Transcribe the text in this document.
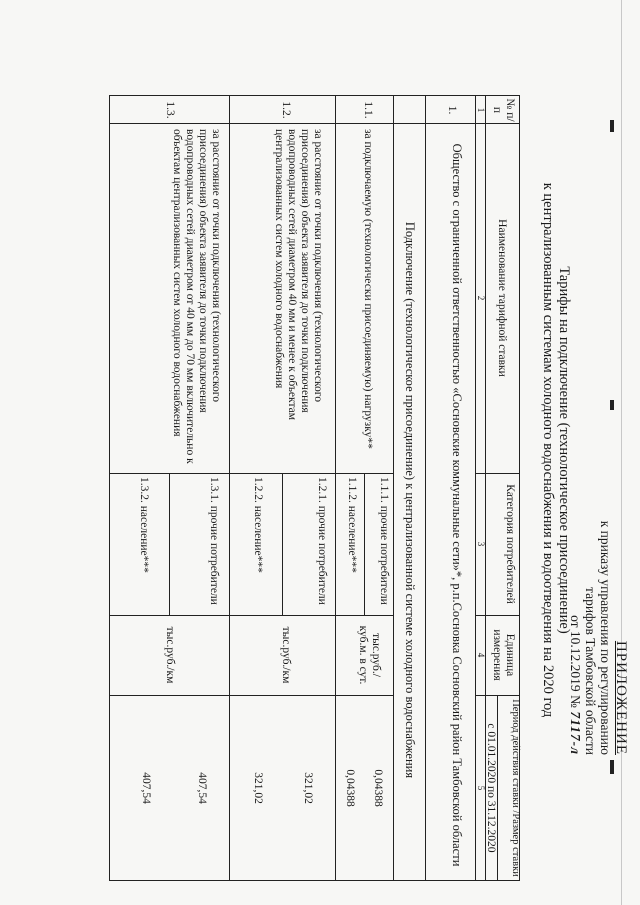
ПРИЛОЖЕНИЕ
к приказу управления по регулированию
тарифов Тамбовской области
от 10.12.2019 № 7117-л
Тарифы на подключение (технологическое присоединение)
к централизованным системам холодного водоснабжения и водоотведения на 2020 год
№ п/п
Наименование тарифной ставки
Категория потребителей
Единица измерения
Период действия ставки /Размер ставки
с 01.01.2020 по 31.12.2020
1
2
3
4
5
1.
Общество с ограниченной ответственностью «Сосновские коммунальные сети»*, р.п.Сосновка Сосновский район Тамбовской области
Подключение (технологическое присоединение) к централизованной системе холодного водоснабжения
1.1.
за подключаемую (технологически присоединяемую) нагрузку**
1.1.1. прочие потребители
1.1.2. население***
тыс.руб./ куб.м. в сут.
0,04388
0,04388
1.2.
за расстояние от точки подключения (технологического присоединения) объекта заявителя до точки подключения водопроводных сетей диаметром 40 мм и менее к объектам централизованных систем холодного водоснабжения
1.2.1. прочие потребители
1.2.2. население***
тыс.руб./км
321,02
321,02
1.3.
за расстояние от точки подключения (технологического присоединения) объекта заявителя до точки подключения водопроводных сетей диаметром от 40 мм до 70 мм включительно к объектам централизованных систем холодного водоснабжения
1.3.1. прочие потребители
1.3.2. население***
тыс.руб./км
407,54
407,54
